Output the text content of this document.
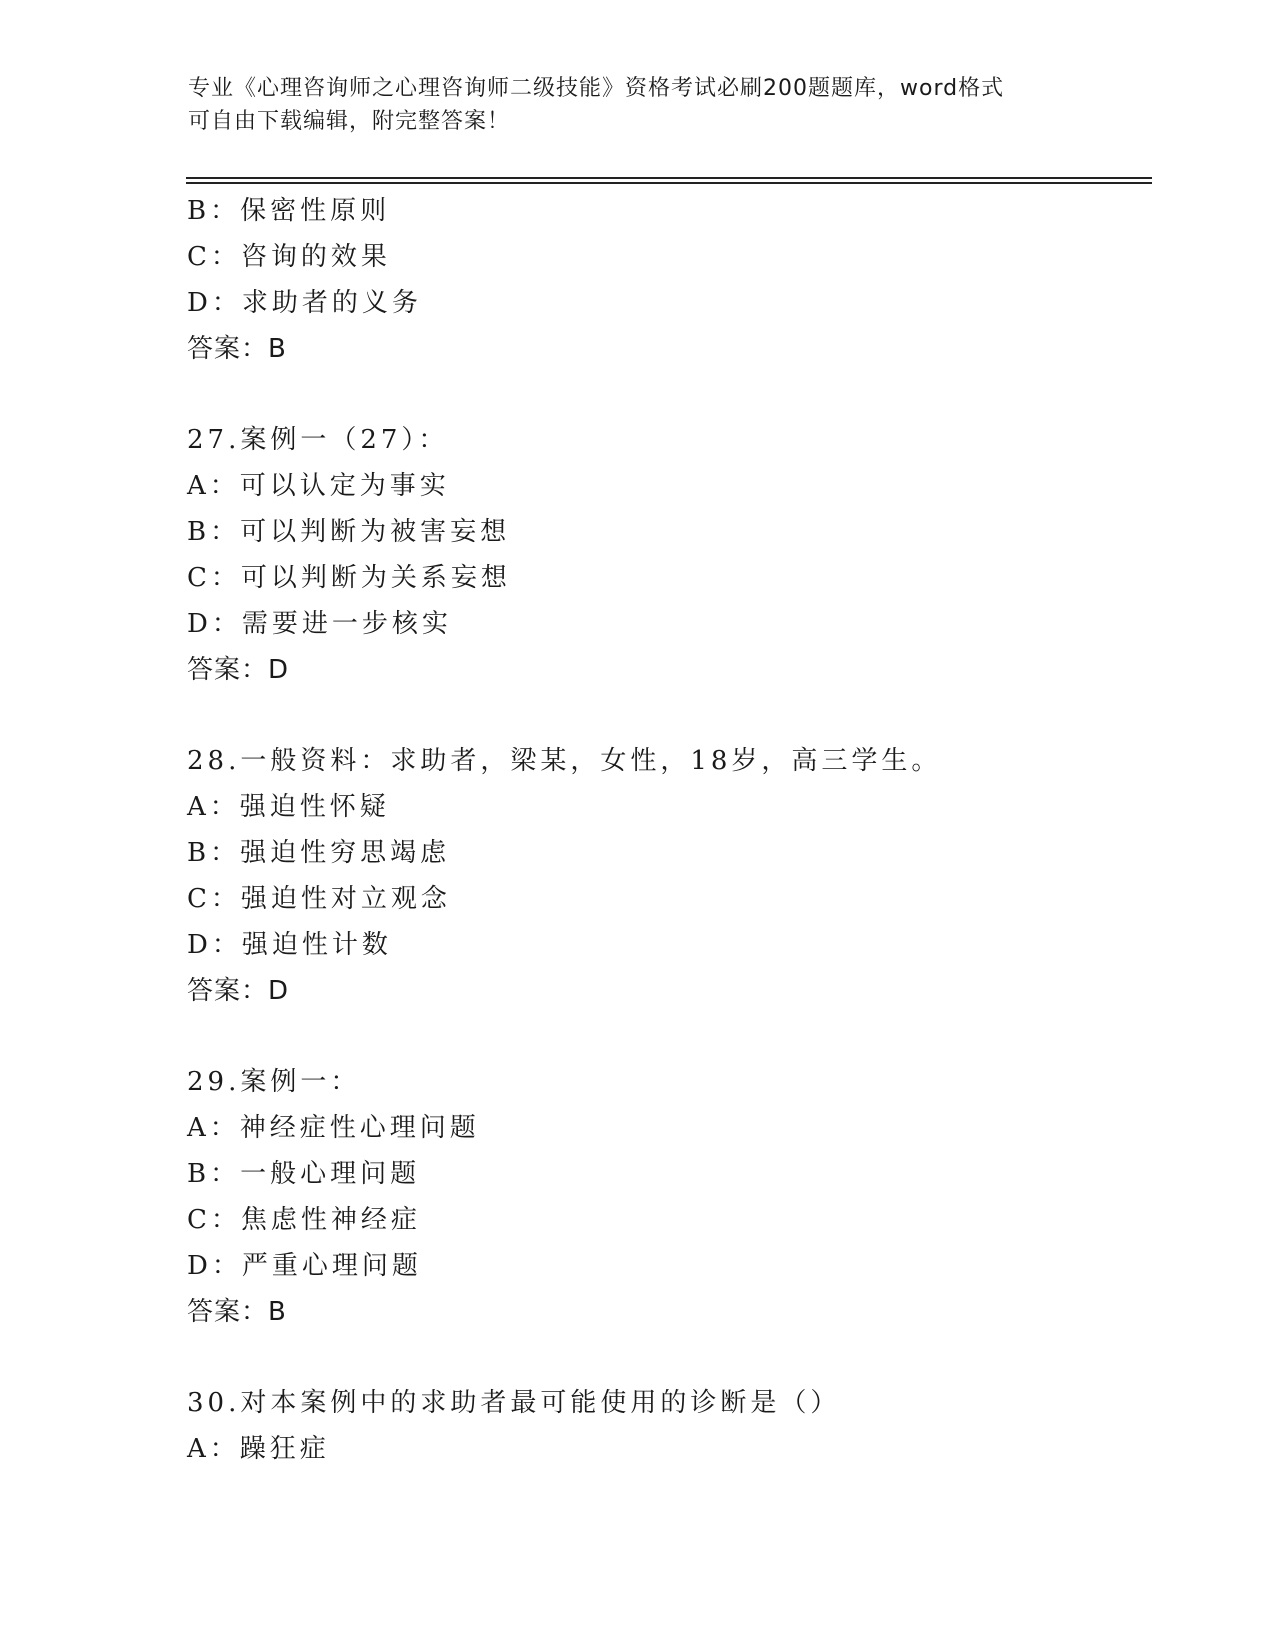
专业《心理咨询师之心理咨询师二级技能》资格考试必刷200题题库，word格式
可自由下载编辑，附完整答案！
B：保密性原则
C：咨询的效果
D：求助者的义务
答案：B
27.案例一（27）：
A：可以认定为事实
B：可以判断为被害妄想
C：可以判断为关系妄想
D：需要进一步核实
答案：D
28.一般资料：求助者，梁某，女性，18岁，高三学生。
A：强迫性怀疑
B：强迫性穷思竭虑
C：强迫性对立观念
D：强迫性计数
答案：D
29.案例一：
A：神经症性心理问题
B：一般心理问题
C：焦虑性神经症
D：严重心理问题
答案：B
30.对本案例中的求助者最可能使用的诊断是（）
A：躁狂症
